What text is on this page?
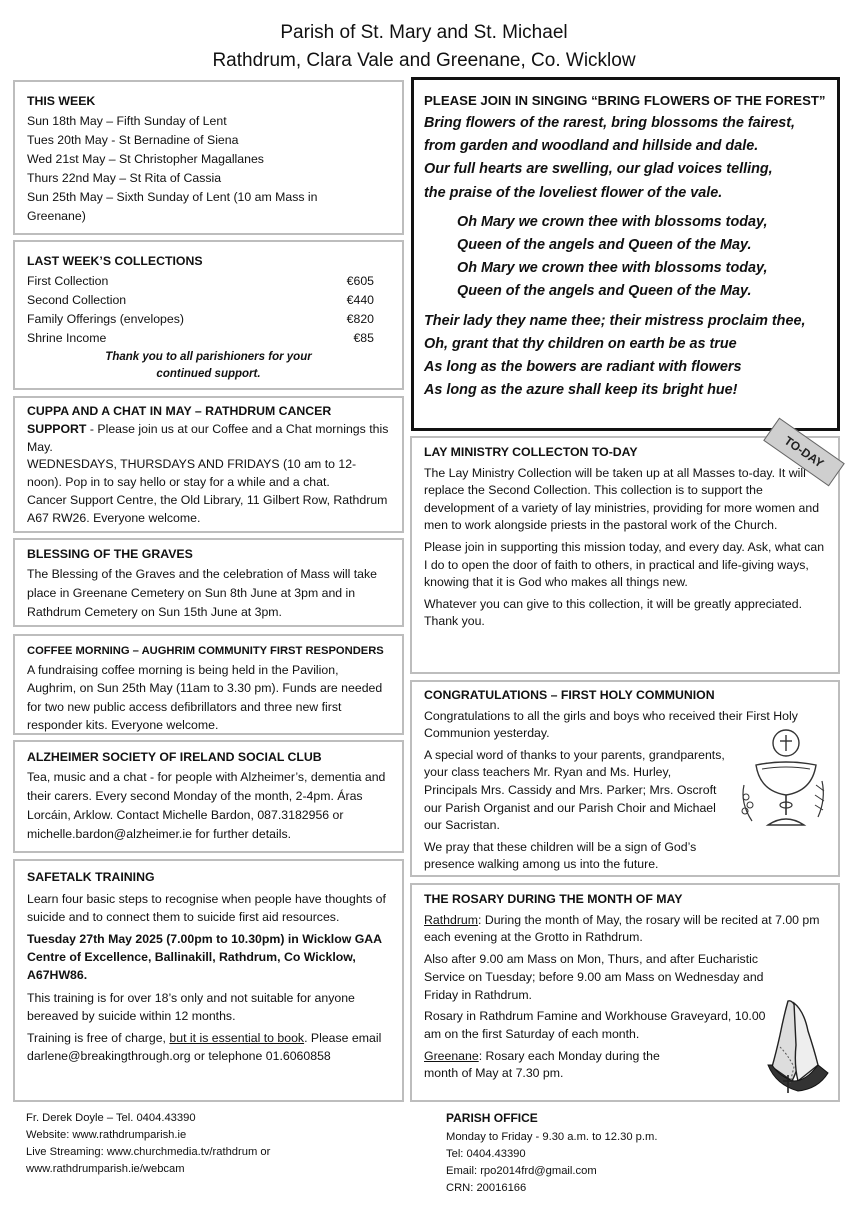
Parish of St. Mary and St. Michael
Rathdrum, Clara Vale and Greenane, Co. Wicklow
THIS WEEK
Sun 18th May – Fifth Sunday of Lent
Tues 20th May - St Bernadine of Siena
Wed 21st May – St Christopher Magallanes
Thurs 22nd May – St Rita of Cassia
Sun 25th May – Sixth Sunday of Lent (10 am Mass in Greenane)
LAST WEEK’S COLLECTIONS
First Collection	€605
Second Collection	€440
Family Offerings (envelopes)	€820
Shrine Income	€85
Thank you to all parishioners for your continued support.

CUPPA AND A CHAT IN MAY – RATHDRUM CANCER SUPPORT - Please join us at our Coffee and a Chat mornings this May.

WEDNESDAYS, THURSDAYS AND FRIDAYS (10 am to 12-noon). Pop in to say hello or stay for a while and a chat.

Cancer Support Centre, the Old Library, 11 Gilbert Row, Rathdrum A67 RW26. Everyone welcome.

BLESSING OF THE GRAVES

The Blessing of the Graves and the celebration of Mass will take place in Greenane Cemetery on Sun 8th June at 3pm and in Rathdrum Cemetery on Sun 15th June at 3pm.

COFFEE MORNING – AUGHRIM COMMUNITY FIRST RESPONDERS

A fundraising coffee morning is being held in the Pavilion, Aughrim, on Sun 25th May (11am to 3.30 pm). Funds are needed for two new public access defibrillators and three new first responder kits. Everyone welcome.

ALZHEIMER SOCIETY OF IRELAND SOCIAL CLUB

Tea, music and a chat - for people with Alzheimer’s, dementia and their carers. Every second Monday of the month, 2-4pm. Áras Lorcáin, Arklow. Contact Michelle Bardon, 087.3182956 or michelle.bardon@alzheimer.ie for further details.

SAFETALK TRAINING

Learn four basic steps to recognise when people have thoughts of suicide and to connect them to suicide first aid resources.

Tuesday 27th May 2025 (7.00pm to 10.30pm) in Wicklow GAA Centre of Excellence, Ballinakill, Rathdrum, Co Wicklow, A67HW86.

This training is for over 18’s only and not suitable for anyone bereaved by suicide within 12 months.

Training is free of charge, but it is essential to book. Please email darlene@breakingthrough.org or telephone 01.6060858

PLEASE JOIN IN SINGING “BRING FLOWERS OF THE FOREST”
Bring flowers of the rarest, bring blossoms the fairest,
from garden and woodland and hillside and dale.
Our full hearts are swelling, our glad voices telling,
the praise of the loveliest flower of the vale.
Oh Mary we crown thee with blossoms today,
Queen of the angels and Queen of the May.
Oh Mary we crown thee with blossoms today,
Queen of the angels and Queen of the May.
Their lady they name thee; their mistress proclaim thee,
Oh, grant that thy children on earth be as true
As long as the bowers are radiant with flowers
As long as the azure shall keep its bright hue!
LAY MINISTRY COLLECTON TO-DAY

The Lay Ministry Collection will be taken up at all Masses to-day. It will replace the Second Collection. This collection is to support the development of a variety of lay ministries, providing for more women and men to work alongside priests in the pastoral work of the Church.

Please join in supporting this mission today, and every day. Ask, what can I do to open the door of faith to others, in practical and life-giving ways, knowing that it is God who makes all things new.

Whatever you can give to this collection, it will be greatly appreciated. Thank you.

TO-DAY
CONGRATULATIONS – FIRST HOLY COMMUNION

Congratulations to all the girls and boys who received their First Holy Communion yesterday.

A special word of thanks to your parents, grandparents, your class teachers Mr. Ryan and Ms. Hurley, Principals Mrs. Cassidy and Mrs. Parker; Mrs. Oscroft our Parish Organist and our Parish Choir and Michael our Sacristan.

We pray that these children will be a sign of God’s presence walking among us into the future.

THE ROSARY DURING THE MONTH OF MAY

Rathdrum: During the month of May, the rosary will be recited at 7.00 pm each evening at the Grotto in Rathdrum.

Also after 9.00 am Mass on Mon, Thurs, and after Eucharistic Service on Tuesday; before 9.00 am Mass on Wednesday and Friday in Rathdrum.

Rosary in Rathdrum Famine and Workhouse Graveyard, 10.00 am on the first Saturday of each month.

Greenane: Rosary each Monday during the month of May at 7.30 pm.

Fr. Derek Doyle – Tel. 0404.43390
Website: www.rathdrumparish.ie
Live Streaming: www.churchmedia.tv/rathdrum or
www.rathdrumparish.ie/webcam
PARISH OFFICE
Monday to Friday - 9.30 a.m. to 12.30 p.m.
Tel: 0404.43390
Email: rpo2014frd@gmail.com
CRN: 20016166
